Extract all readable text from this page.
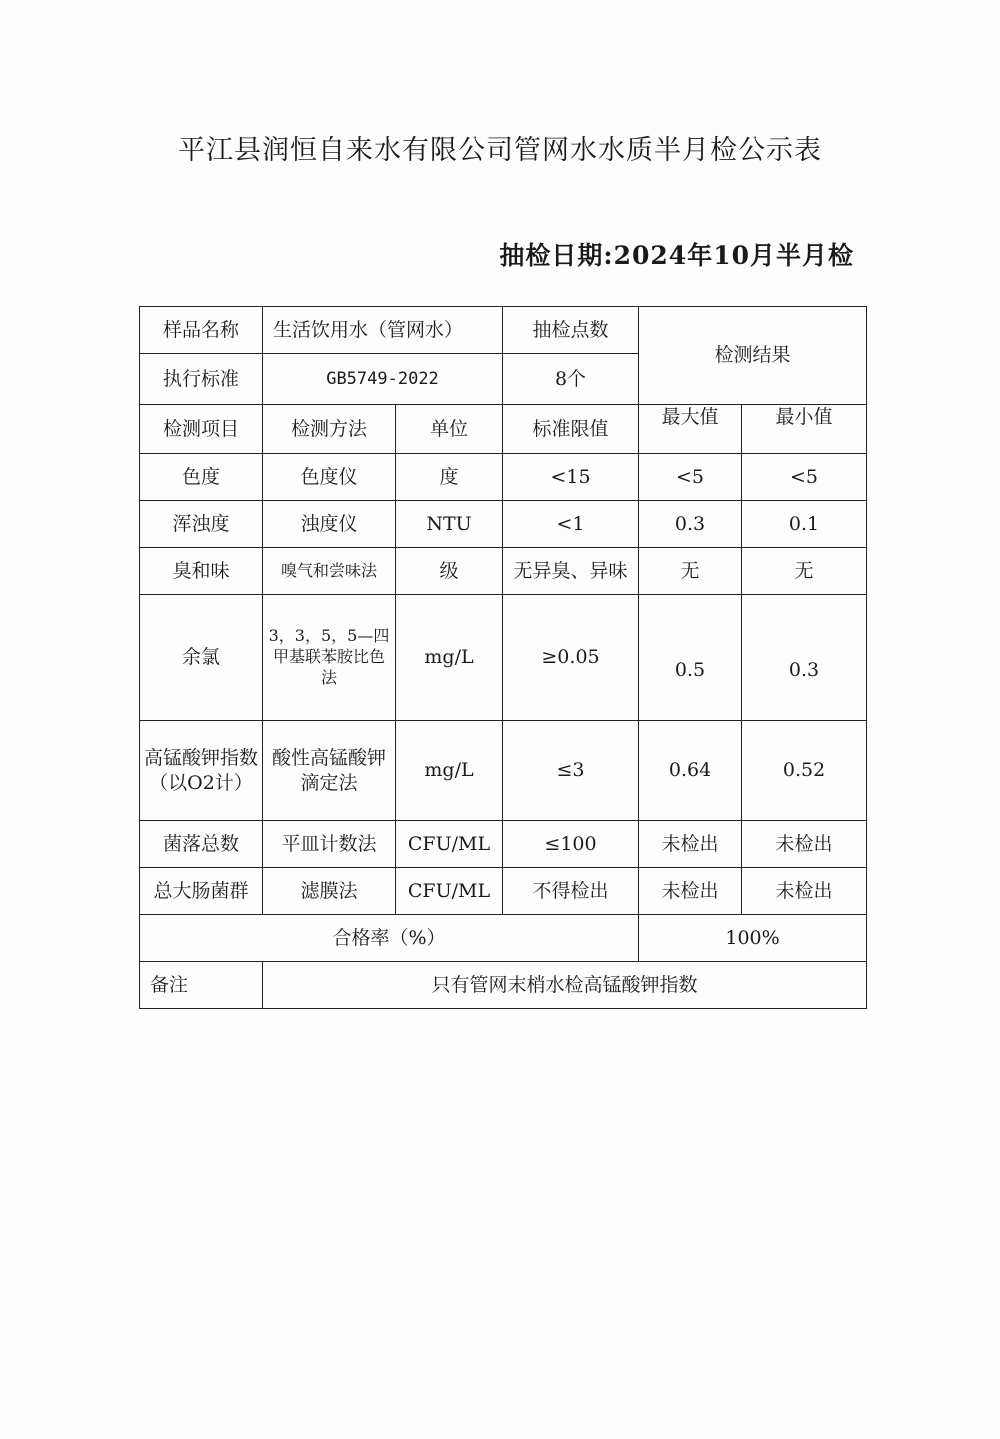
平江县润恒自来水有限公司管网水水质半月检公示表
抽检日期:2024年10月半月检
样品名称	生活饮用水（管网水）		抽检点数	检测结果	
执行标准	GB5749-2022		8个		
检测项目	检测方法	单位	标准限值	最大值	最小值
色度	色度仪	度	<15	<5	<5
浑浊度	浊度仪	NTU	<1	0.3	0.1
臭和味	嗅气和尝味法	级	无异臭、异味	无	无
余氯	3，3，5，5—四甲基联苯胺比色法	mg/L	≥0.05	0.5	0.3
高锰酸钾指数（以O2计）	酸性高锰酸钾滴定法	mg/L	≤3	0.64	0.52
菌落总数	平皿计数法	CFU/ML	≤100	未检出	未检出
总大肠菌群	滤膜法	CFU/ML	不得检出	未检出	未检出
合格率（%）				100%	
备注	只有管网末梢水检高锰酸钾指数				
